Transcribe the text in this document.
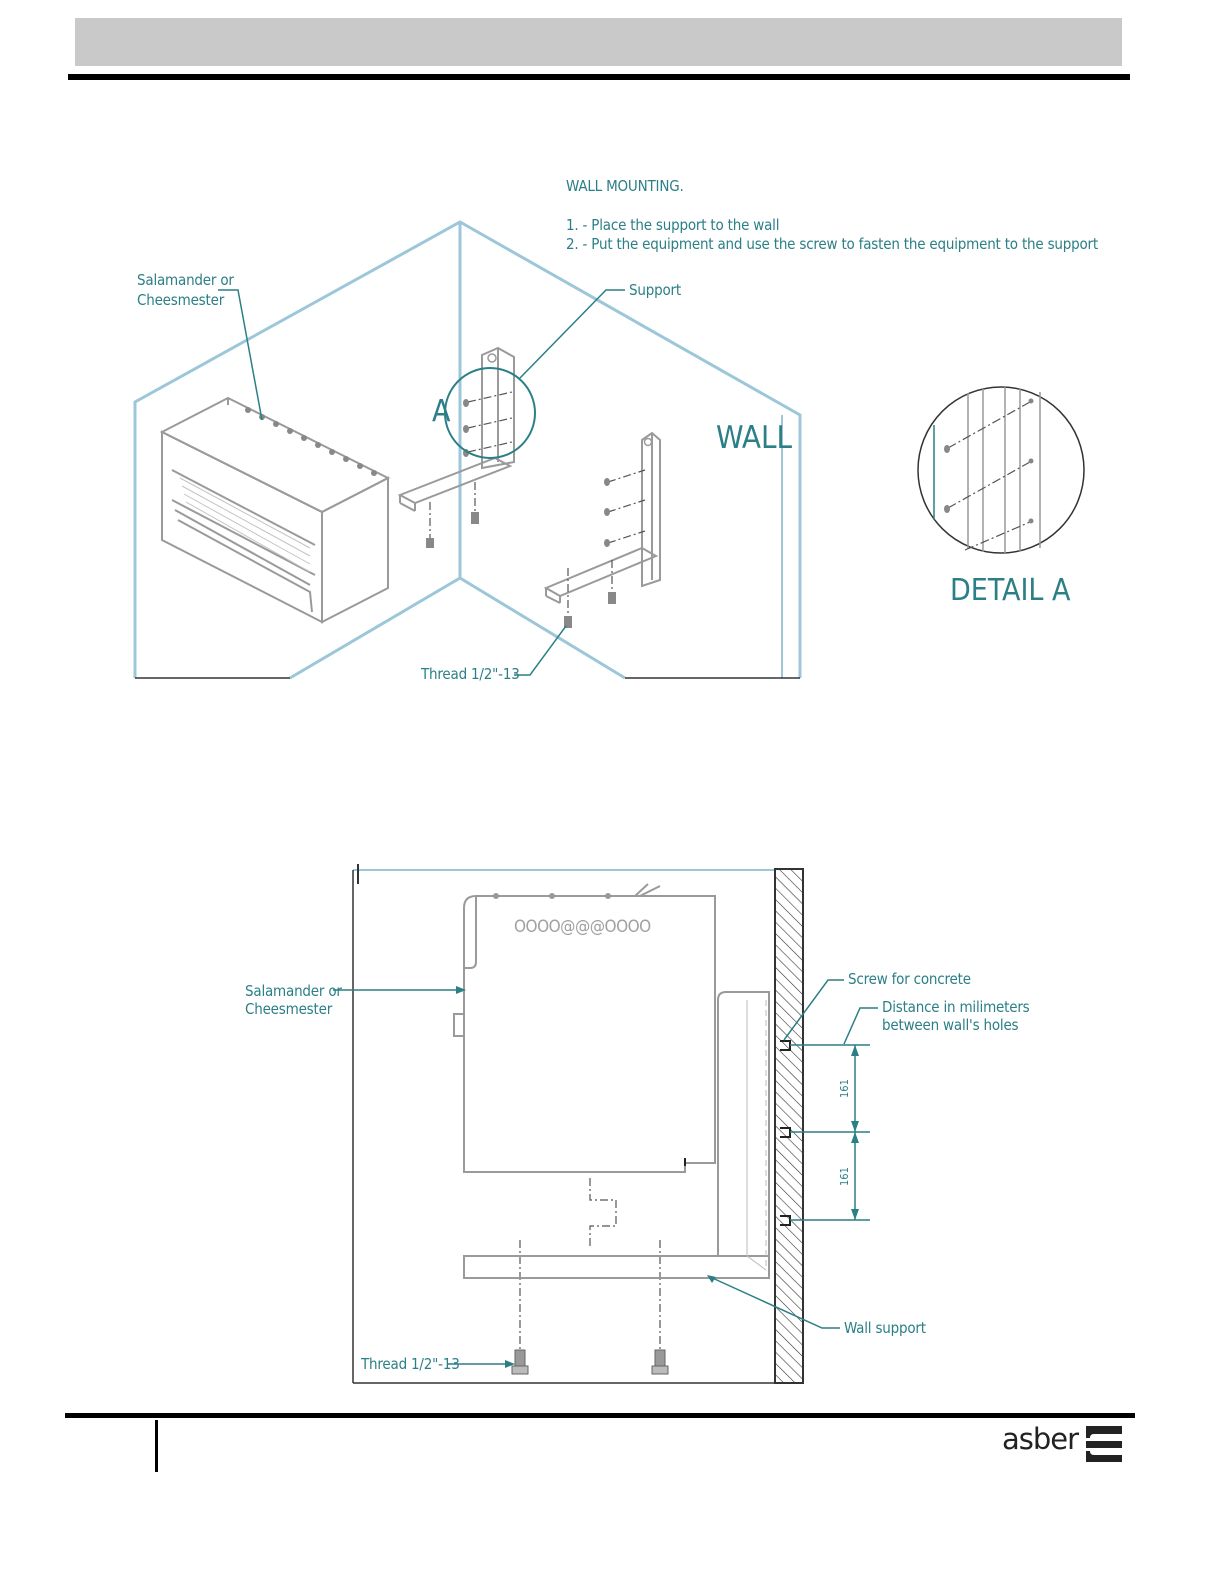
WALL MOUNTING.
1. - Place the support to the wall
2. - Put the equipment and use the screw to fasten the equipment to the support
Salamander or
Cheesmester
Support
A
WALL
Thread 1/2"-13
DETAIL A
Salamander or
Cheesmester
OOOO@@@OOOO
Screw for concrete
Distance in milimeters
between wall's holes
161
161
Wall support
Thread 1/2"-13
asber
